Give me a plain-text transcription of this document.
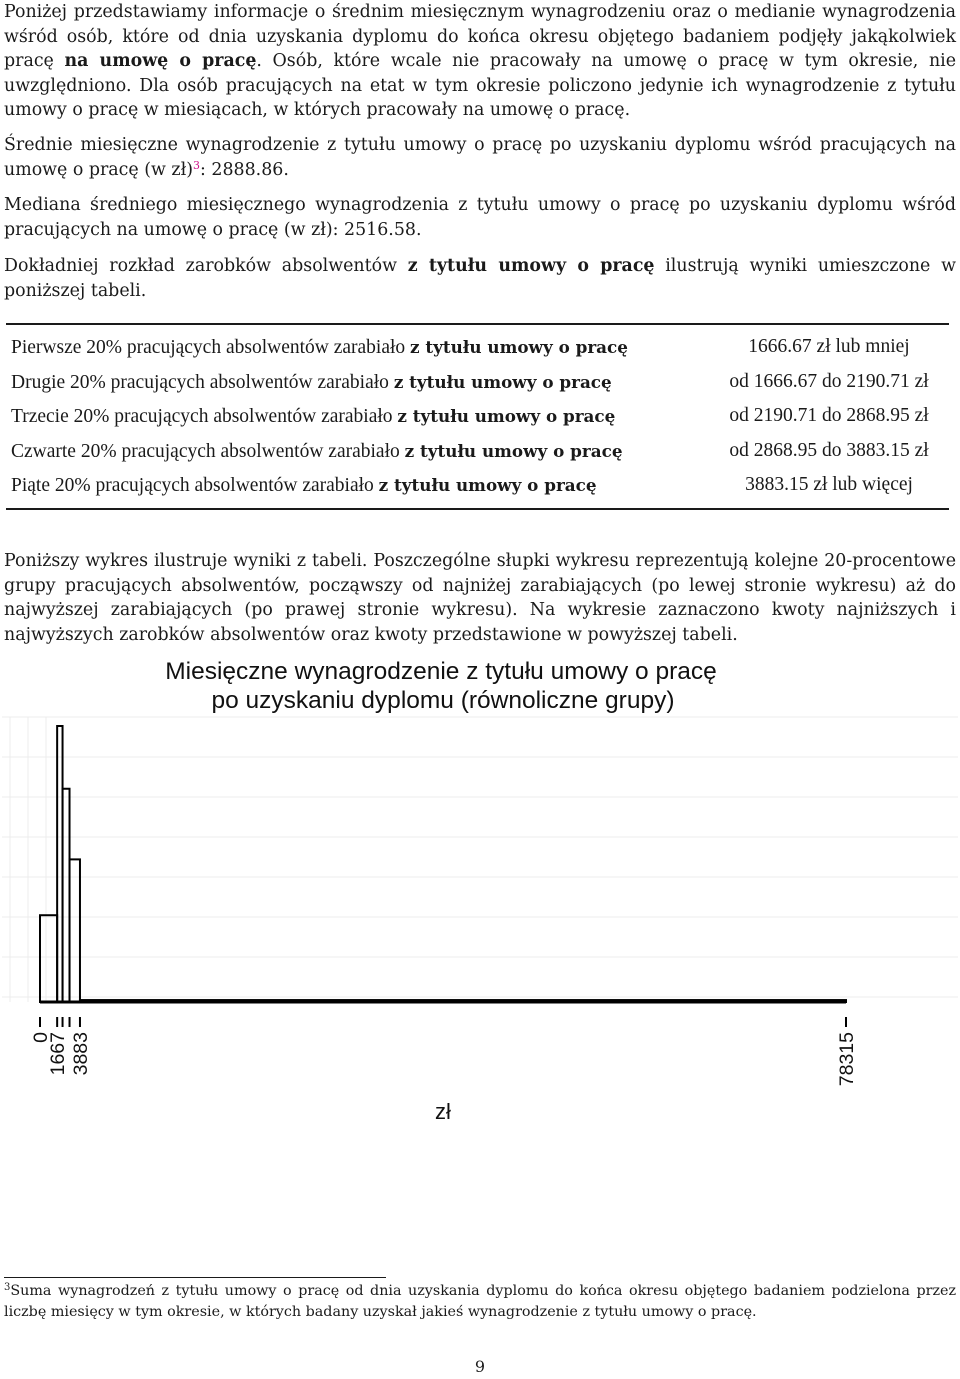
Poniżej przedstawiamy informacje o średnim miesięcznym wynagrodzeniu oraz o medianie wynagrodzenia wśród osób, które od dnia uzyskania dyplomu do końca okresu objętego badaniem podjęły jakąkolwiek pracę na umowę o pracę. Osób, które wcale nie pracowały na umowę o pracę w tym okresie, nie uwzględniono. Dla osób pracujących na etat w tym okresie policzono jedynie ich wynagrodzenie z tytułu umowy o pracę w miesiącach, w których pracowały na umowę o pracę.

Średnie miesięczne wynagrodzenie z tytułu umowy o pracę po uzyskaniu dyplomu wśród pracujących na umowę o pracę (w zł)$^3$: 2888.86.

Mediana średniego miesięcznego wynagrodzenia z tytułu umowy o pracę po uzyskaniu dyplomu wśród pracujących na umowę o pracę (w zł): 2516.58.

Dokładniej rozkład zarobków absolwentów z tytułu umowy o pracę ilustrują wyniki umieszczone w poniższej tabeli.

Pierwsze 20% pracujących absolwentów zarabiało z tytułu umowy o pracę	1666.67 zł lub mniej
Drugie 20% pracujących absolwentów zarabiało z tytułu umowy o pracę	od 1666.67 do 2190.71 zł
Trzecie 20% pracujących absolwentów zarabiało z tytułu umowy o pracę	od 2190.71 do 2868.95 zł
Czwarte 20% pracujących absolwentów zarabiało z tytułu umowy o pracę	od 2868.95 do 3883.15 zł
Piąte 20% pracujących absolwentów zarabiało z tytułu umowy o pracę	3883.15 zł lub więcej

Poniższy wykres ilustruje wyniki z tabeli. Poszczególne słupki wykresu reprezentują kolejne 20-procentowe grupy pracujących absolwentów, począwszy od najniżej zarabiających (po lewej stronie wykresu) aż do najwyższej zarabiających (po prawej stronie wykresu). Na wykresie zaznaczono kwoty najniższych i najwyższych zarobków absolwentów oraz kwoty przedstawione w powyższej tabeli.

Miesięczne wynagrodzenie z tytułu umowy o pracę
po uzyskaniu dyplomu (równoliczne grupy)
0
1667 3883	78315
zł

$^3$Suma wynagrodzeń z tytułu umowy o pracę od dnia uzyskania dyplomu do końca okresu objętego badaniem podzielona przez liczbę miesięcy w tym okresie, w których badany uzyskał jakieś wynagrodzenie z tytułu umowy o pracę.

9
